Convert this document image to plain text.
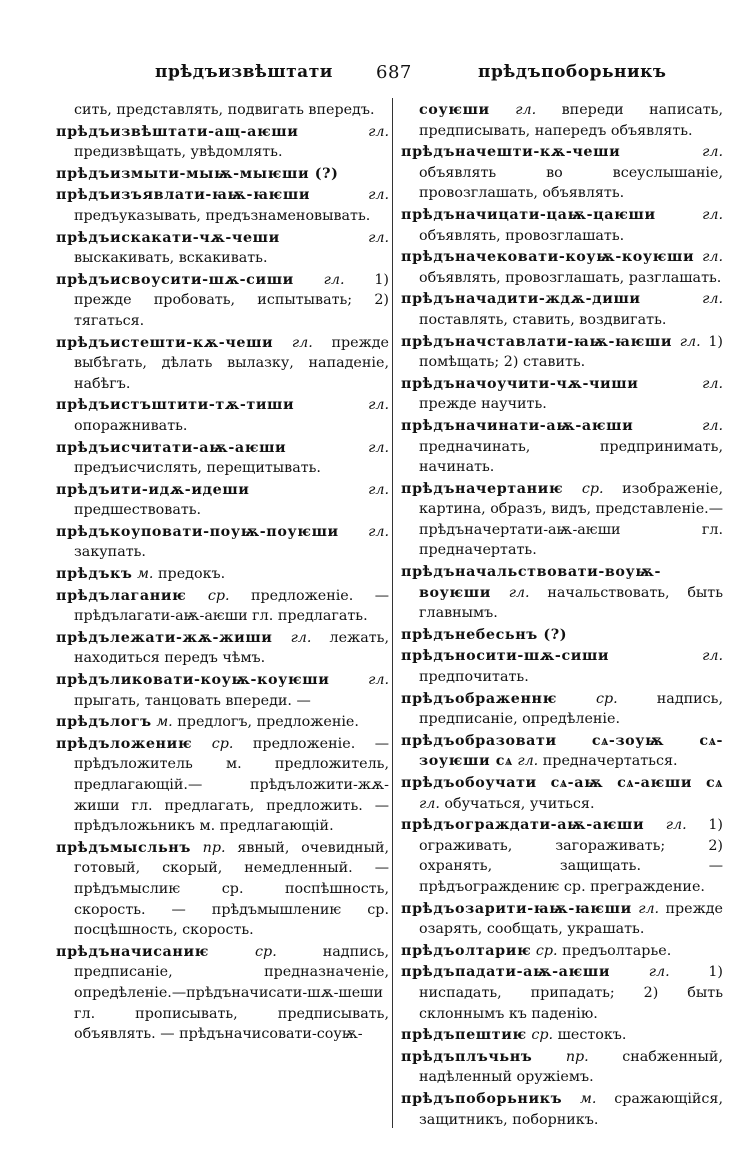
прѣдъизвѣштати 687	прѣдъпоборьникъ
сить, представлять, подвигать впередъ.
прѣдъизвѣштати-ащ-аѥши	гл. предизвѣщать, увѣдомлять.
прѣдъизмыти-мыѭ-мыѥши (?)
прѣдъизъявлати-ꙗѭ-ꙗѥши	гл. предъуказывать, предъзнаменовывать.
прѣдъискакати-чѫ-чеши	гл. выскакивать, вскакивать.
прѣдъисвоусити-шѫ-сиши гл. 1) прежде пробовать, испытывать; 2) тягаться.
прѣдъистешти-кѫ-чеши гл. прежде выбѣгать, дѣлать вылазку, нападеніе, набѣгъ.
прѣдъистъштити-тѫ-тиши	гл. опоражнивать.
прѣдъисчитати-аѭ-аѥши	гл. предъисчислять, перещитывать.
прѣдъити-идѫ-идеши	гл. предшествовать.
прѣдъкоуповати-поуѭ-поуѥши гл. закупать.
прѣдъкъ м. предокъ.
прѣдълаганиѥ ср. предложеніе. — прѣдълагати-аѭ-аѥши гл. предлагать.
прѣдълежати-жѫ-жиши гл. лежать, находиться передъ чѣмъ.
прѣдъликовати-коуѭ-коуѥши	гл. прыгать, танцовать впереди. —
прѣдълогъ м. предлогъ, предложеніе.
прѣдъложениѥ ср. предложеніе. — прѣдъложитель м. предложитель, предлагающій.— прѣдъложити-жѫ-жиши гл. предлагать, предложить. —прѣдъложьникъ м. предлагающій.
прѣдъмысльнъ пр. явный, очевидный, готовый, скорый, немедленный. — прѣдъмыслиѥ ср. поспѣшность, скорость. — прѣдъмышлениѥ ср. посцѣшность, скорость.
прѣдъначисаниѥ	ср.	надпись, предписаніе, предназначеніе, опредѣленіе.—прѣдъначисати-шѫ-шеши гл. прописывать, предписывать, объявлять. — прѣдъначисовати-соуѭ-
соуѥши гл. впереди написать, предписывать, напередъ объявлять.
прѣдъначешти-кѫ-чеши	гл. объявлять во всеуслышаніе, провозглашать, объявлять.
прѣдъначицати-цаѭ-цаѥши	гл. объявлять, провозглашать.
прѣдъначековати-коуѭ-коуѥши гл. объявлять, провозглашать, разглашать.
прѣдъначадити-ждѫ-диши	гл. поставлять, ставить, воздвигать.
прѣдъначставлати-ꙗѭ-ꙗѥши гл. 1) помѣщать; 2) ставить.
прѣдъначоучити-чѫ-чиши	гл. прежде научить.
прѣдъначинати-аѭ-аѥши	гл. предначинать, предпринимать, начинать.
прѣдъначертаниѥ ср. изображеніе, картина, образъ, видъ, представленіе.—прѣдъначертати-аѭ-аѥши гл. предначертать.
прѣдъначальствовати-воуѭ-воуѥши гл. начальствовать, быть главнымъ.
прѣдънебесьнъ (?)
прѣдъносити-шѫ-сиши	гл. предпочитать.
прѣдъображеннѥ	ср.	надпись, предписаніе, опредѣленіе.
прѣдъобразовати сѧ-зоуѭ сѧ-зоуѥши сѧ гл. предначертаться.
прѣдъобоучати сѧ-аѭ сѧ-аѥши сѧ гл. обучаться, учиться.
прѣдъограждати-аѭ-аѥши гл. 1) ограживать, загораживать; 2) охранять, защищать. — прѣдъограждениѥ ср. преграждение.
прѣдъозарити-ꙗѭ-ꙗѥши гл. прежде озарять, сообщать, украшать.
прѣдъолтариѥ ср. предъолтарье.
прѣдъпадати-аѭ-аѥши	гл.	1) ниспадать, припадать; 2) быть склоннымъ къ паденію.
прѣдъпештиѥ ср. шестокъ.
прѣдъплъчьнъ пр. снабженный, надѣленный оружіемъ.
прѣдъпоборьникъ м. сражающійся, защитникъ, поборникъ.
